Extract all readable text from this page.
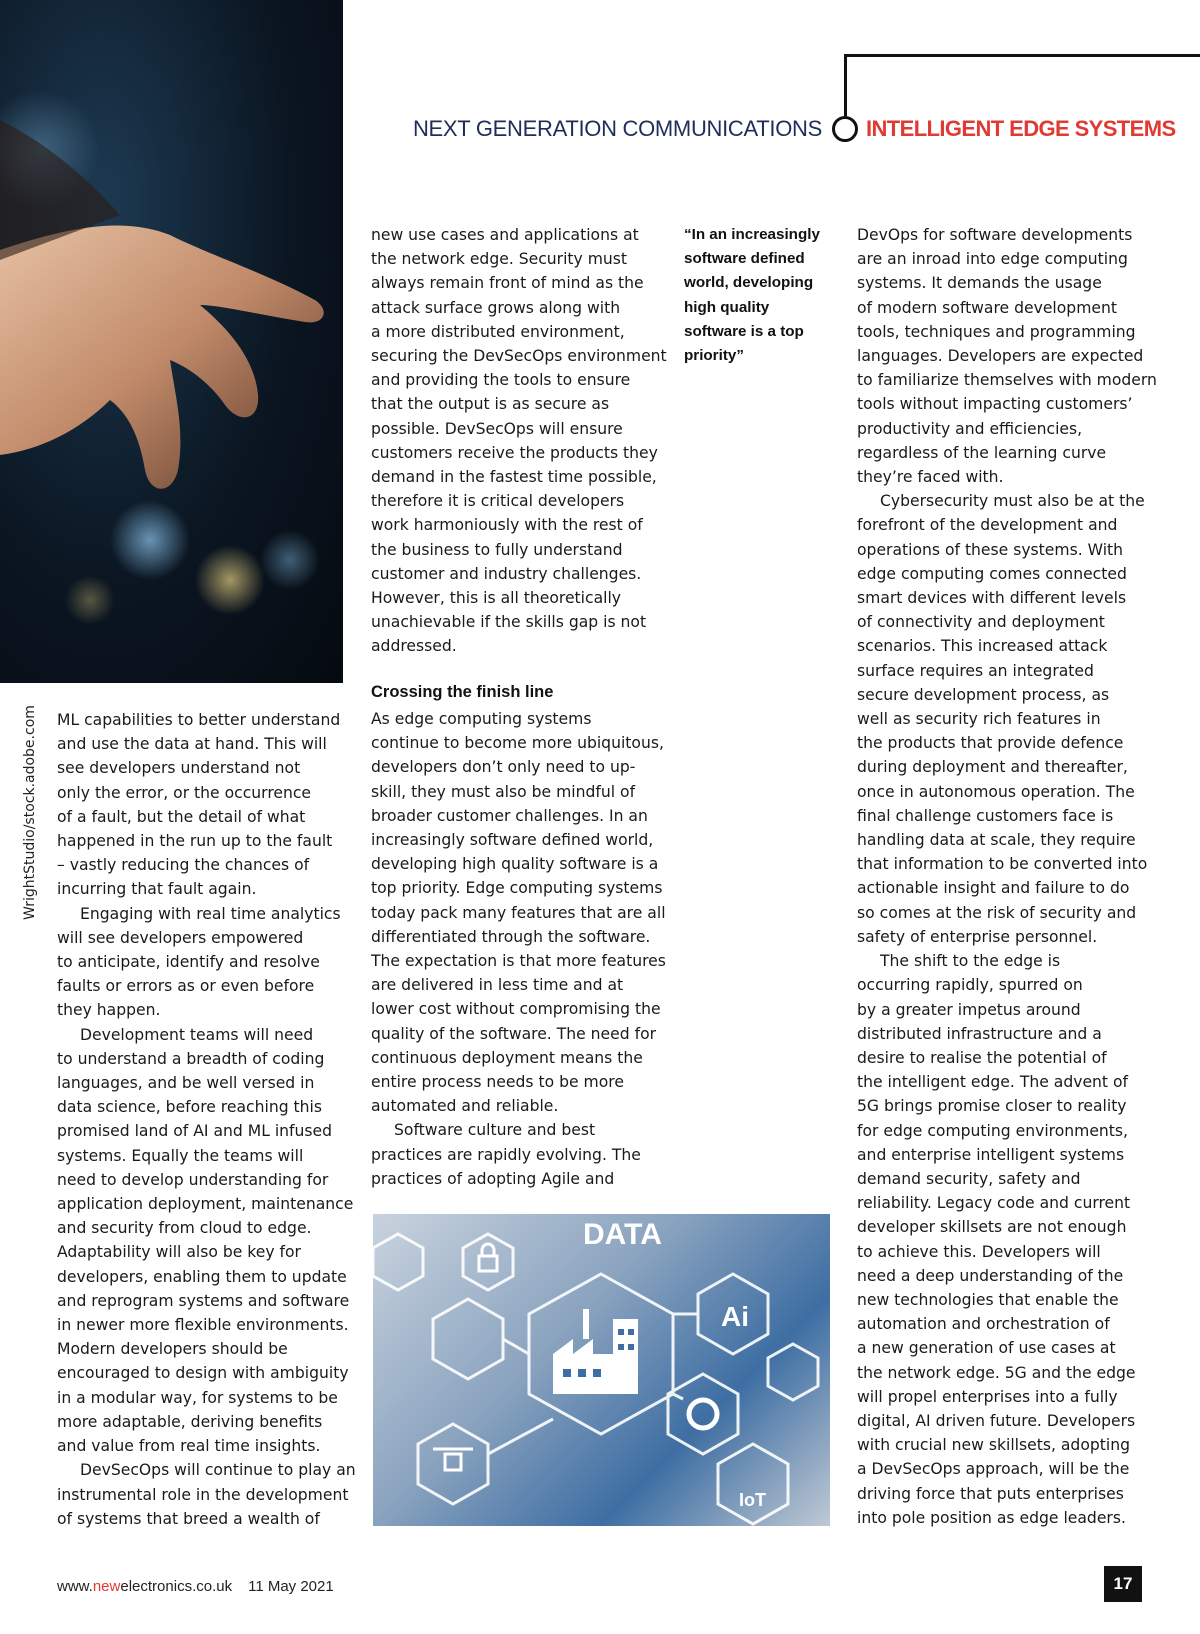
WrightStudio/stock.adobe.com
NEXT GENERATION COMMUNICATIONS INTELLIGENT EDGE SYSTEMS

ML capabilities to better understand

and use the data at hand. This will

see developers understand not

only the error, or the occurrence

of a fault, but the detail of what

happened in the run up to the fault

– vastly reducing the chances of

incurring that fault again.

Engaging with real time analytics

will see developers empowered

to anticipate, identify and resolve

faults or errors as or even before

they happen.

Development teams will need

to understand a breadth of coding

languages, and be well versed in

data science, before reaching this

promised land of AI and ML infused

systems. Equally the teams will

need to develop understanding for

application deployment, maintenance

and security from cloud to edge.

Adaptability will also be key for

developers, enabling them to update

and reprogram systems and software

in newer more flexible environments.

Modern developers should be

encouraged to design with ambiguity

in a modular way, for systems to be

more adaptable, deriving benefits

and value from real time insights.

DevSecOps will continue to play an

instrumental role in the development

of systems that breed a wealth of

new use cases and applications at

the network edge. Security must

always remain front of mind as the

attack surface grows along with

a more distributed environment,

securing the DevSecOps environment

and providing the tools to ensure

that the output is as secure as

possible. DevSecOps will ensure

customers receive the products they

demand in the fastest time possible,

therefore it is critical developers

work harmoniously with the rest of

the business to fully understand

customer and industry challenges.

However, this is all theoretically

unachievable if the skills gap is not

addressed.

Crossing the finish line

As edge computing systems

continue to become more ubiquitous,

developers don’t only need to up-

skill, they must also be mindful of

broader customer challenges. In an

increasingly software defined world,

developing high quality software is a

top priority. Edge computing systems

today pack many features that are all

differentiated through the software.

The expectation is that more features

are delivered in less time and at

lower cost without compromising the

quality of the software. The need for

continuous deployment means the

entire process needs to be more

automated and reliable.

Software culture and best

practices are rapidly evolving. The

practices of adopting Agile and

“In an increasingly

software defined

world, developing

high quality

software is a top

priority”

DevOps for software developments

are an inroad into edge computing

systems. It demands the usage

of modern software development

tools, techniques and programming

languages. Developers are expected

to familiarize themselves with modern

tools without impacting customers’

productivity and efficiencies,

regardless of the learning curve

they’re faced with.

Cybersecurity must also be at the

forefront of the development and

operations of these systems. With

edge computing comes connected

smart devices with different levels

of connectivity and deployment

scenarios. This increased attack

surface requires an integrated

secure development process, as

well as security rich features in

the products that provide defence

during deployment and thereafter,

once in autonomous operation. The

final challenge customers face is

handling data at scale, they require

that information to be converted into

actionable insight and failure to do

so comes at the risk of security and

safety of enterprise personnel.

The shift to the edge is

occurring rapidly, spurred on

by a greater impetus around

distributed infrastructure and a

desire to realise the potential of

the intelligent edge. The advent of

5G brings promise closer to reality

for edge computing environments,

and enterprise intelligent systems

demand security, safety and

reliability. Legacy code and current

developer skillsets are not enough

to achieve this. Developers will

need a deep understanding of the

new technologies that enable the

automation and orchestration of

a new generation of use cases at

the network edge. 5G and the edge

will propel enterprises into a fully

digital, AI driven future. Developers

with crucial new skillsets, adopting

a DevSecOps approach, will be the

driving force that puts enterprises

into pole position as edge leaders.

DATA
Ai
IoT
www.newelectronics.co.uk 11 May 2021	17
